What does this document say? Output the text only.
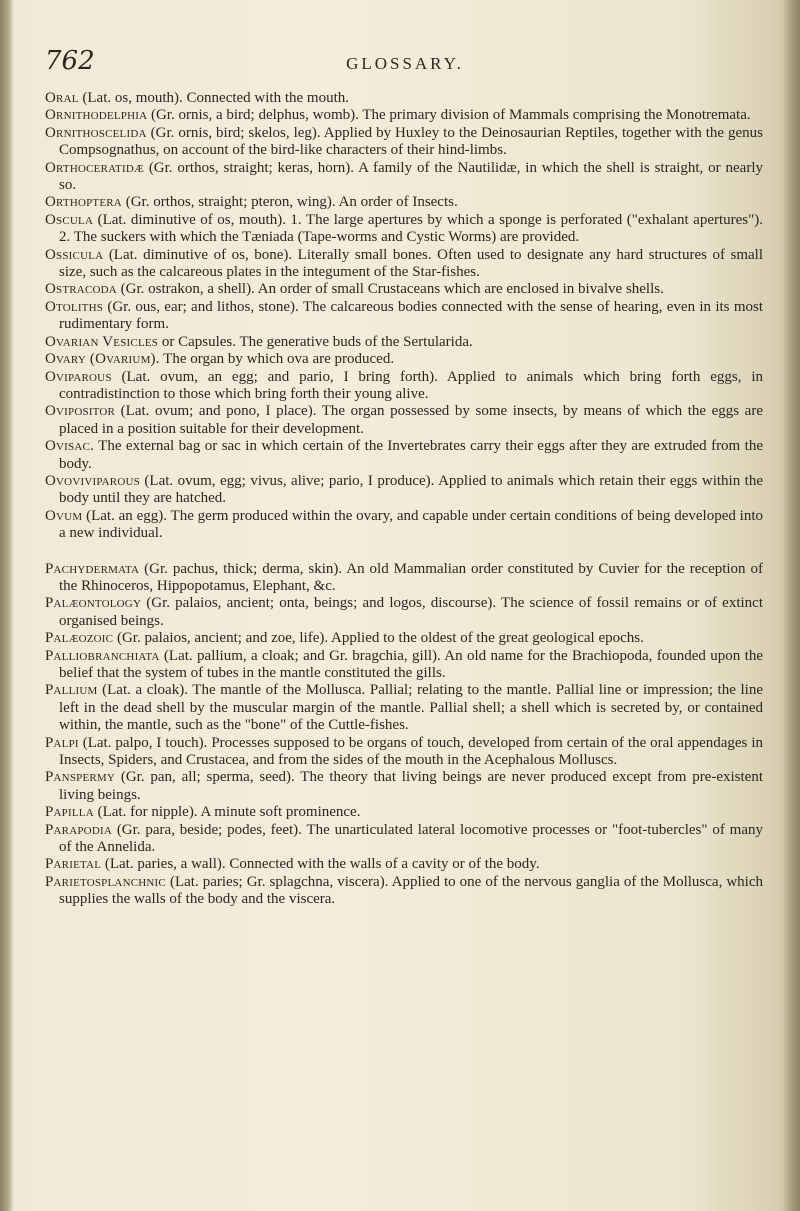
762	GLOSSARY.

Oral (Lat. os, mouth). Connected with the mouth.

Ornithodelphia (Gr. ornis, a bird; delphus, womb). The primary division of Mammals comprising the Monotremata.

Ornithoscelida (Gr. ornis, bird; skelos, leg). Applied by Huxley to the Deinosaurian Reptiles, together with the genus Compsognathus, on account of the bird-like characters of their hind-limbs.

Orthoceratidæ (Gr. orthos, straight; keras, horn). A family of the Nautilidæ, in which the shell is straight, or nearly so.

Orthoptera (Gr. orthos, straight; pteron, wing). An order of Insects.

Oscula (Lat. diminutive of os, mouth). 1. The large apertures by which a sponge is perforated ("exhalant apertures"). 2. The suckers with which the Tæniada (Tape-worms and Cystic Worms) are provided.

Ossicula (Lat. diminutive of os, bone). Literally small bones. Often used to designate any hard structures of small size, such as the calcareous plates in the integument of the Star-fishes.

Ostracoda (Gr. ostrakon, a shell). An order of small Crustaceans which are enclosed in bivalve shells.

Otoliths (Gr. ous, ear; and lithos, stone). The calcareous bodies connected with the sense of hearing, even in its most rudimentary form.

Ovarian Vesicles or Capsules. The generative buds of the Sertularida.

Ovary (Ovarium). The organ by which ova are produced.

Oviparous (Lat. ovum, an egg; and pario, I bring forth). Applied to animals which bring forth eggs, in contradistinction to those which bring forth their young alive.

Ovipositor (Lat. ovum; and pono, I place). The organ possessed by some insects, by means of which the eggs are placed in a position suitable for their development.

Ovisac. The external bag or sac in which certain of the Invertebrates carry their eggs after they are extruded from the body.

Ovoviviparous (Lat. ovum, egg; vivus, alive; pario, I produce). Applied to animals which retain their eggs within the body until they are hatched.

Ovum (Lat. an egg). The germ produced within the ovary, and capable under certain conditions of being developed into a new individual.

Pachydermata (Gr. pachus, thick; derma, skin). An old Mammalian order constituted by Cuvier for the reception of the Rhinoceros, Hippopotamus, Elephant, &c.

Palæontology (Gr. palaios, ancient; onta, beings; and logos, discourse). The science of fossil remains or of extinct organised beings.

Palæozoic (Gr. palaios, ancient; and zoe, life). Applied to the oldest of the great geological epochs.

Palliobranchiata (Lat. pallium, a cloak; and Gr. bragchia, gill). An old name for the Brachiopoda, founded upon the belief that the system of tubes in the mantle constituted the gills.

Pallium (Lat. a cloak). The mantle of the Mollusca. Pallial; relating to the mantle. Pallial line or impression; the line left in the dead shell by the muscular margin of the mantle. Pallial shell; a shell which is secreted by, or contained within, the mantle, such as the "bone" of the Cuttle-fishes.

Palpi (Lat. palpo, I touch). Processes supposed to be organs of touch, developed from certain of the oral appendages in Insects, Spiders, and Crustacea, and from the sides of the mouth in the Acephalous Molluscs.

Panspermy (Gr. pan, all; sperma, seed). The theory that living beings are never produced except from pre-existent living beings.

Papilla (Lat. for nipple). A minute soft prominence.

Parapodia (Gr. para, beside; podes, feet). The unarticulated lateral locomotive processes or "foot-tubercles" of many of the Annelida.

Parietal (Lat. paries, a wall). Connected with the walls of a cavity or of the body.

Parietosplanchnic (Lat. paries; Gr. splagchna, viscera). Applied to one of the nervous ganglia of the Mollusca, which supplies the walls of the body and the viscera.
